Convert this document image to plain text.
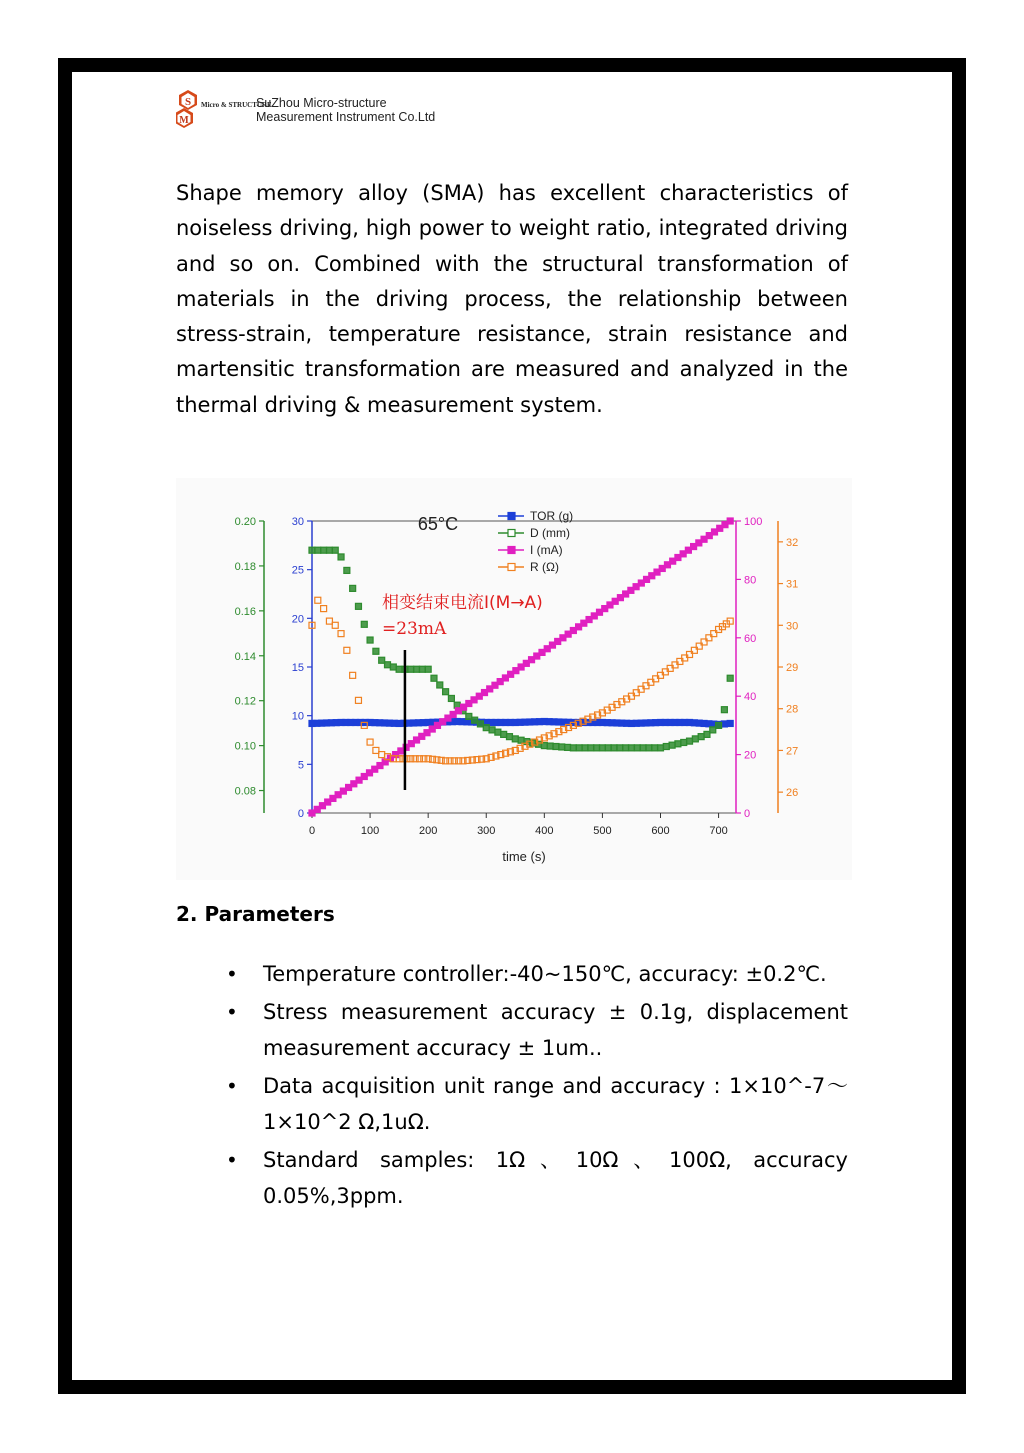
S
M
Micro & STRUCTURE
SuZhou Micro-structure
Measurement Instrument Co.Ltd

Shape memory alloy (SMA) has excellent characteristics of noiseless driving, high power to weight ratio, integrated driving and so on. Combined with the structural transformation of materials in the driving process, the relationship between stress-strain, temperature resistance, strain resistance and martensitic transformation are measured and analyzed in the thermal driving & measurement system.

0	100	200	300	400	500	600	700
time (s)
0.08
0.10
0.12
0.14
0.16
0.18
0.20
0
5
10
15
20
25
30
0
20
40
60
80
100
26
27
28
29
30
31
32
相变结束电流I(M→A)
=23mA
65°C	TOR (g)
D (mm)
I (mA)
R (Ω)
2. Parameters
• Temperature controller:-40~150℃, accuracy: ±0.2℃.
• Stress measurement accuracy ± 0.1g, displacement measurement accuracy ± 1um..
• Data acquisition unit range and accuracy : 1×10^-7～1×10^2 Ω,1uΩ.
• Standard samples: 1Ω、10Ω、100Ω, accuracy 0.05%,3ppm.
